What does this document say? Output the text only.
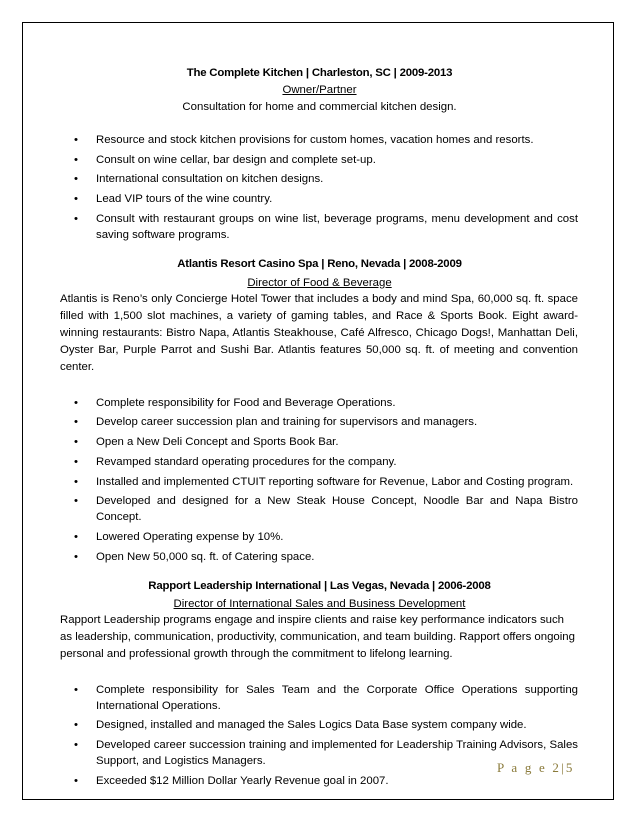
The Complete Kitchen | Charleston, SC | 2009-2013
Owner/Partner
Consultation for home and commercial kitchen design.
• Resource and stock kitchen provisions for custom homes, vacation homes and resorts.
• Consult on wine cellar, bar design and complete set-up.
• International consultation on kitchen designs.
• Lead VIP tours of the wine country.
• Consult with restaurant groups on wine list, beverage programs, menu development and cost saving software programs.
Atlantis Resort Casino Spa | Reno, Nevada | 2008-2009
Director of Food & Beverage

Atlantis is Reno’s only Concierge Hotel Tower that includes a body and mind Spa, 60,000 sq. ft. space filled with 1,500 slot machines, a variety of gaming tables, and Race & Sports Book. Eight award-winning restaurants: Bistro Napa, Atlantis Steakhouse, Café Alfresco, Chicago Dogs!, Manhattan Deli, Oyster Bar, Purple Parrot and Sushi Bar. Atlantis features 50,000 sq. ft. of meeting and convention center.

• Complete responsibility for Food and Beverage Operations.
• Develop career succession plan and training for supervisors and managers.
• Open a New Deli Concept and Sports Book Bar.
• Revamped standard operating procedures for the company.
• Installed and implemented CTUIT reporting software for Revenue, Labor and Costing program.
• Developed and designed for a New Steak House Concept, Noodle Bar and Napa Bistro Concept.
• Lowered Operating expense by 10%.
• Open New 50,000 sq. ft. of Catering space.
Rapport Leadership International | Las Vegas, Nevada | 2006-2008
Director of International Sales and Business Development

Rapport Leadership programs engage and inspire clients and raise key performance indicators such as leadership, communication, productivity, communication, and team building. Rapport offers ongoing personal and professional growth through the commitment to lifelong learning.

• Complete responsibility for Sales Team and the Corporate Office Operations supporting International Operations.
• Designed, installed and managed the Sales Logics Data Base system company wide.
• Developed career succession training and implemented for Leadership Training Advisors, Sales Support, and Logistics Managers.
• Exceeded $12 Million Dollar Yearly Revenue goal in 2007.
P a g e 2|5
